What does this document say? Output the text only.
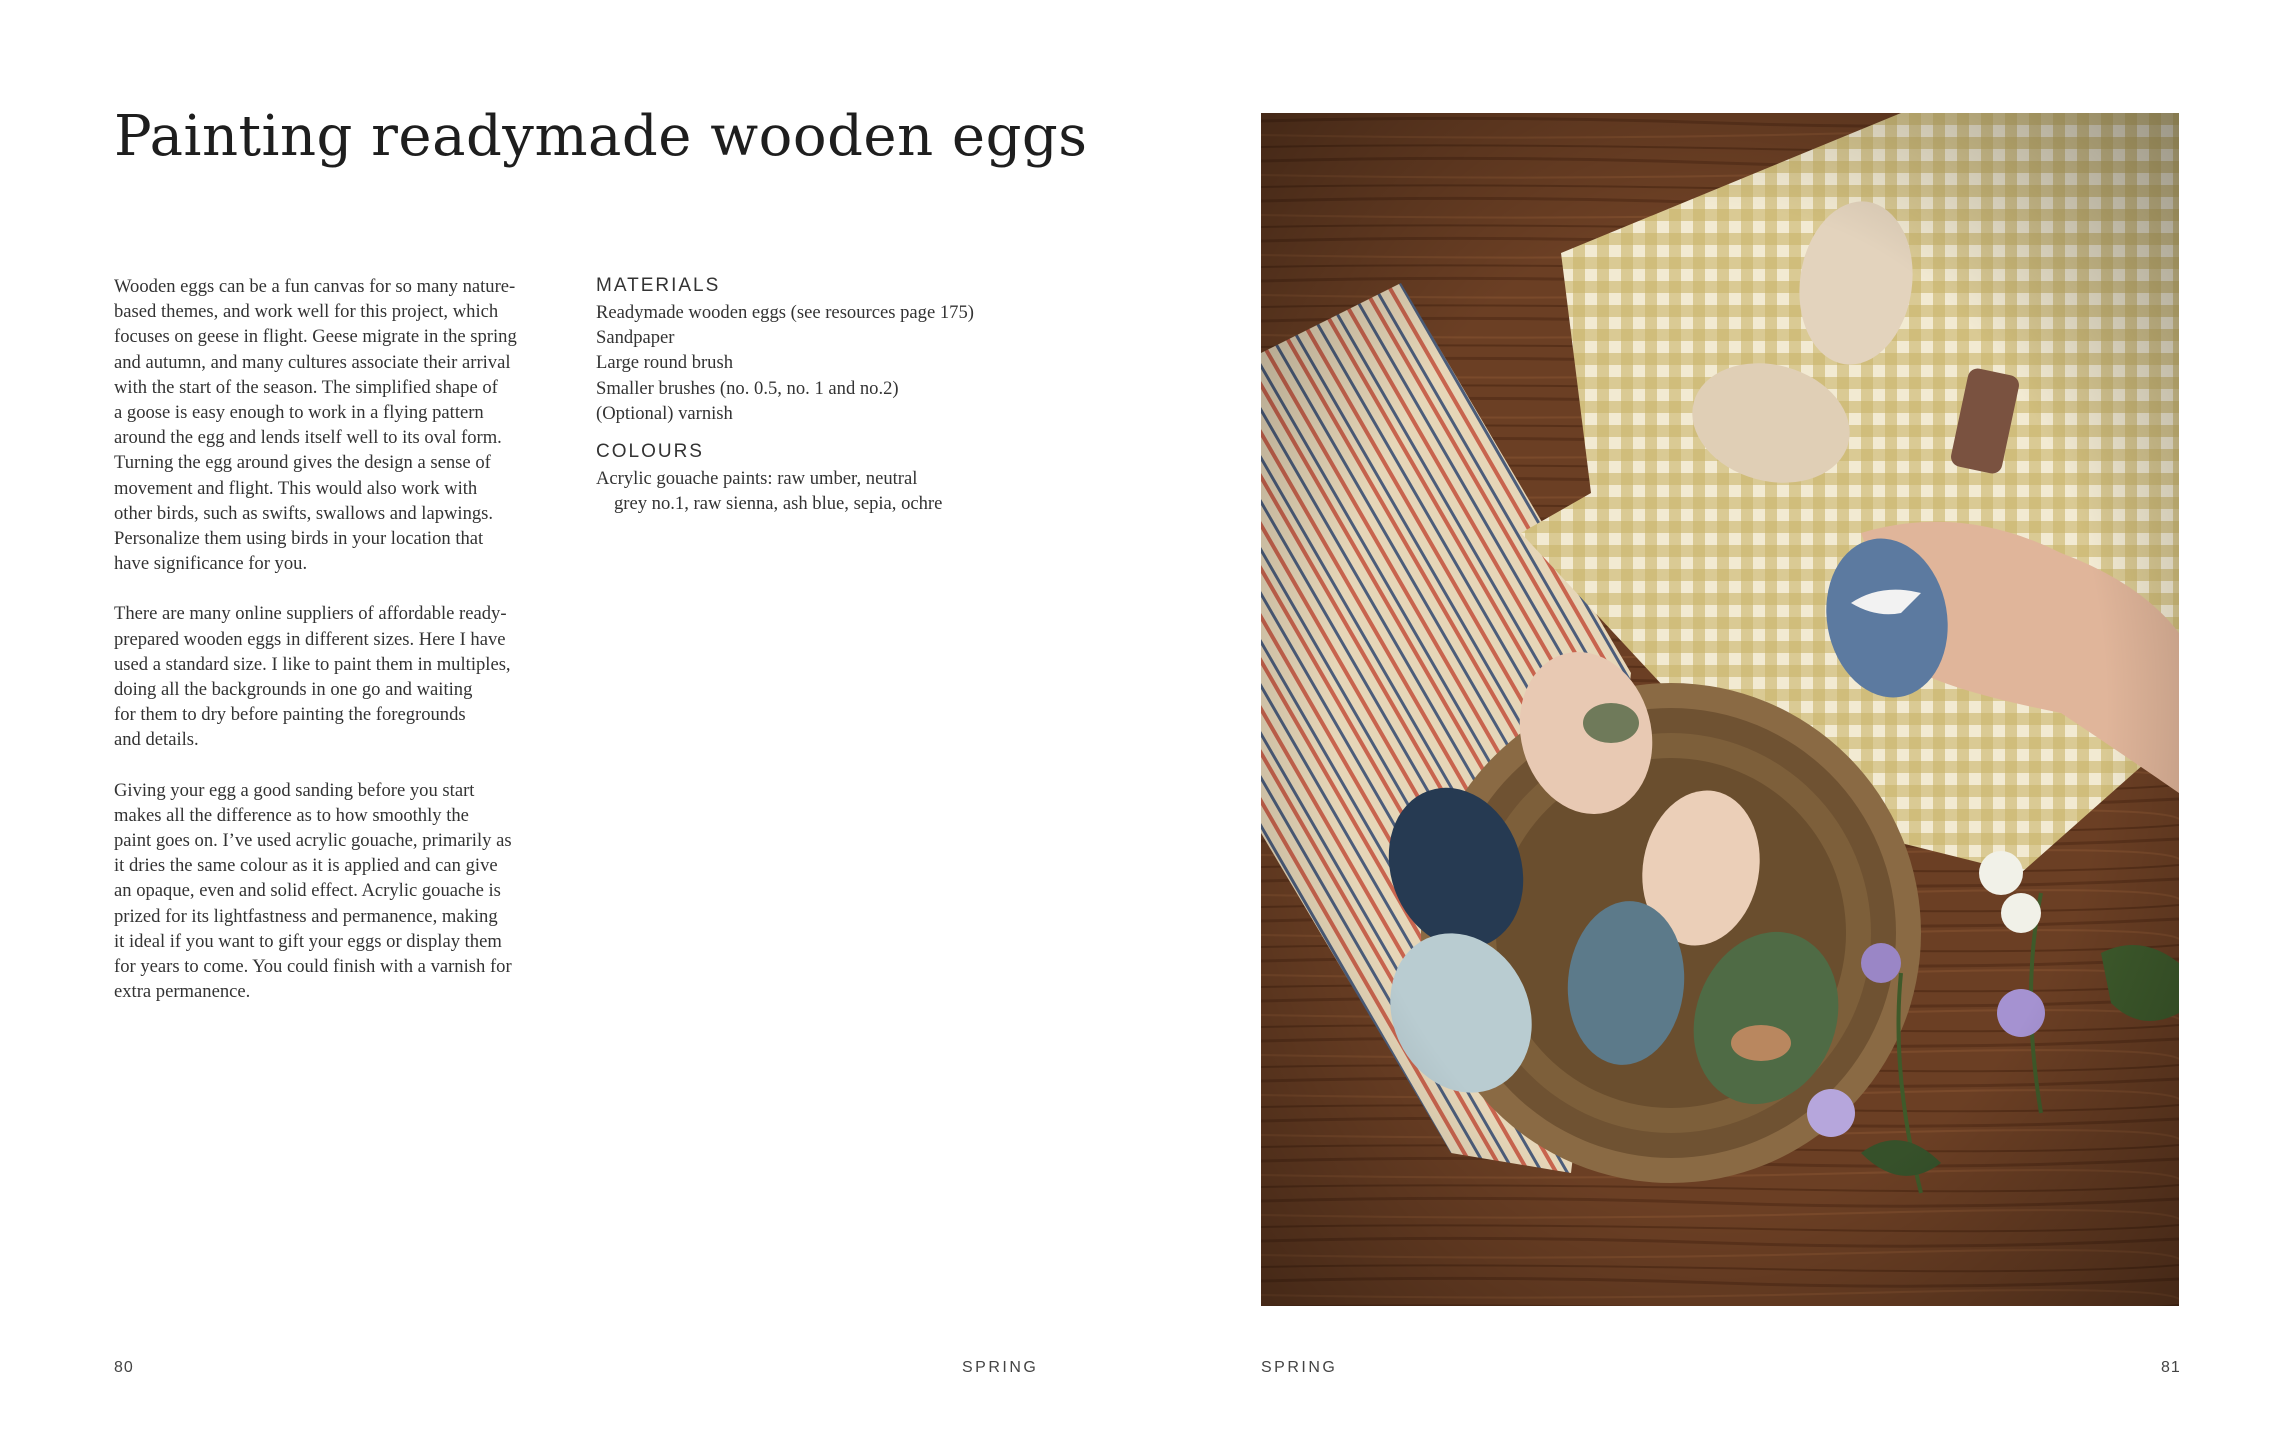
Painting readymade wooden eggs

Wooden eggs can be a fun canvas for so many nature-
based themes, and work well for this project, which
focuses on geese in flight. Geese migrate in the spring
and autumn, and many cultures associate their arrival
with the start of the season. The simplified shape of
a goose is easy enough to work in a flying pattern
around the egg and lends itself well to its oval form.
Turning the egg around gives the design a sense of
movement and flight. This would also work with
other birds, such as swifts, swallows and lapwings.
Personalize them using birds in your location that
have significance for you.

There are many online suppliers of affordable ready-
prepared wooden eggs in different sizes. Here I have
used a standard size. I like to paint them in multiples,
doing all the backgrounds in one go and waiting
for them to dry before painting the foregrounds
and details.

Giving your egg a good sanding before you start
makes all the difference as to how smoothly the
paint goes on. I’ve used acrylic gouache, primarily as
it dries the same colour as it is applied and can give
an opaque, even and solid effect. Acrylic gouache is
prized for its lightfastness and permanence, making
it ideal if you want to gift your eggs or display them
for years to come. You could finish with a varnish for
extra permanence.

MATERIALS
Readymade wooden eggs (see resources page 175)
Sandpaper
Large round brush
Smaller brushes (no. 0.5, no. 1 and no.2)
(Optional) varnish
COLOURS
Acrylic gouache paints: raw umber, neutral
grey no.1, raw sienna, ash blue, sepia, ochre
80	SPRING	SPRING	81
